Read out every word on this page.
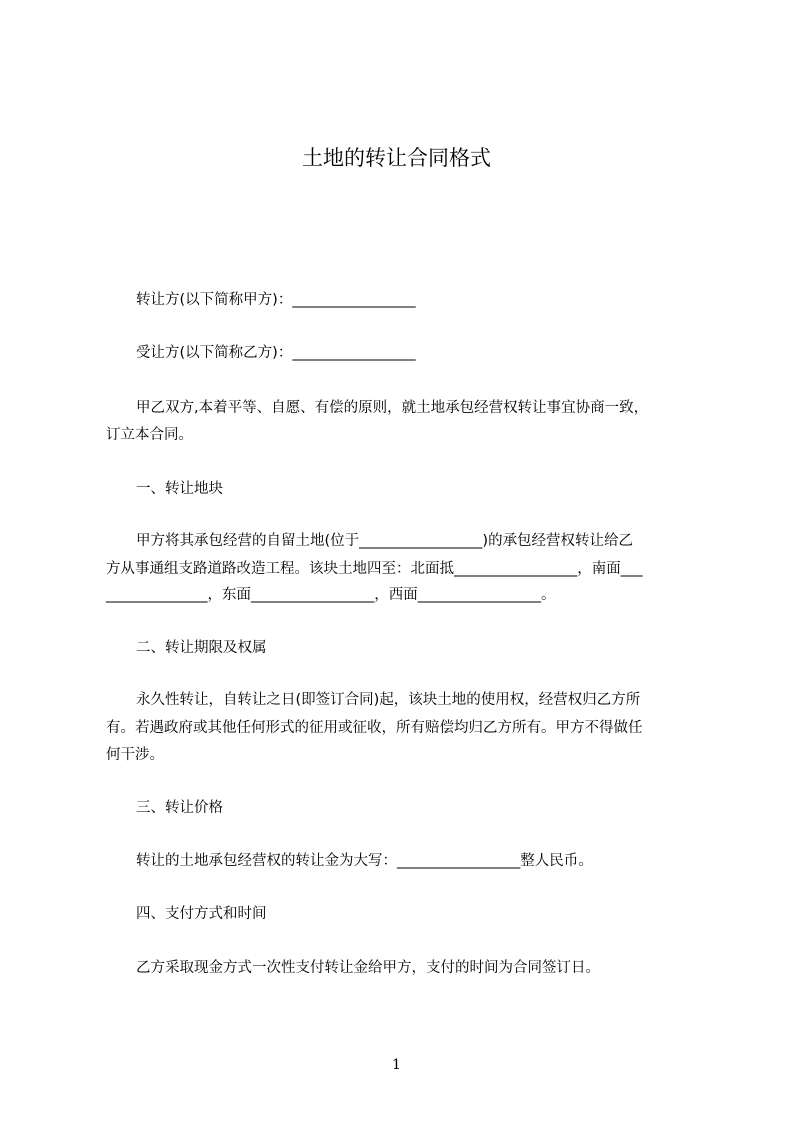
土地的转让合同格式
转让方(以下简称甲方)：_________________
受让方(以下简称乙方)：_________________
甲乙双方,本着平等、自愿、有偿的原则，就土地承包经营权转让事宜协商一致，
订立本合同。
一、转让地块
甲方将其承包经营的自留土地(位于_________________)的承包经营权转让给乙
方从事通组支路道路改造工程。该块土地四至：北面抵_________________，南面___
______________，东面_________________，西面_________________。
二、转让期限及权属
永久性转让，自转让之日(即签订合同)起，该块土地的使用权，经营权归乙方所
有。若遇政府或其他任何形式的征用或征收，所有赔偿均归乙方所有。甲方不得做任
何干涉。
三、转让价格
转让的土地承包经营权的转让金为大写：_________________整人民币。
四、支付方式和时间
乙方采取现金方式一次性支付转让金给甲方，支付的时间为合同签订日。
1
